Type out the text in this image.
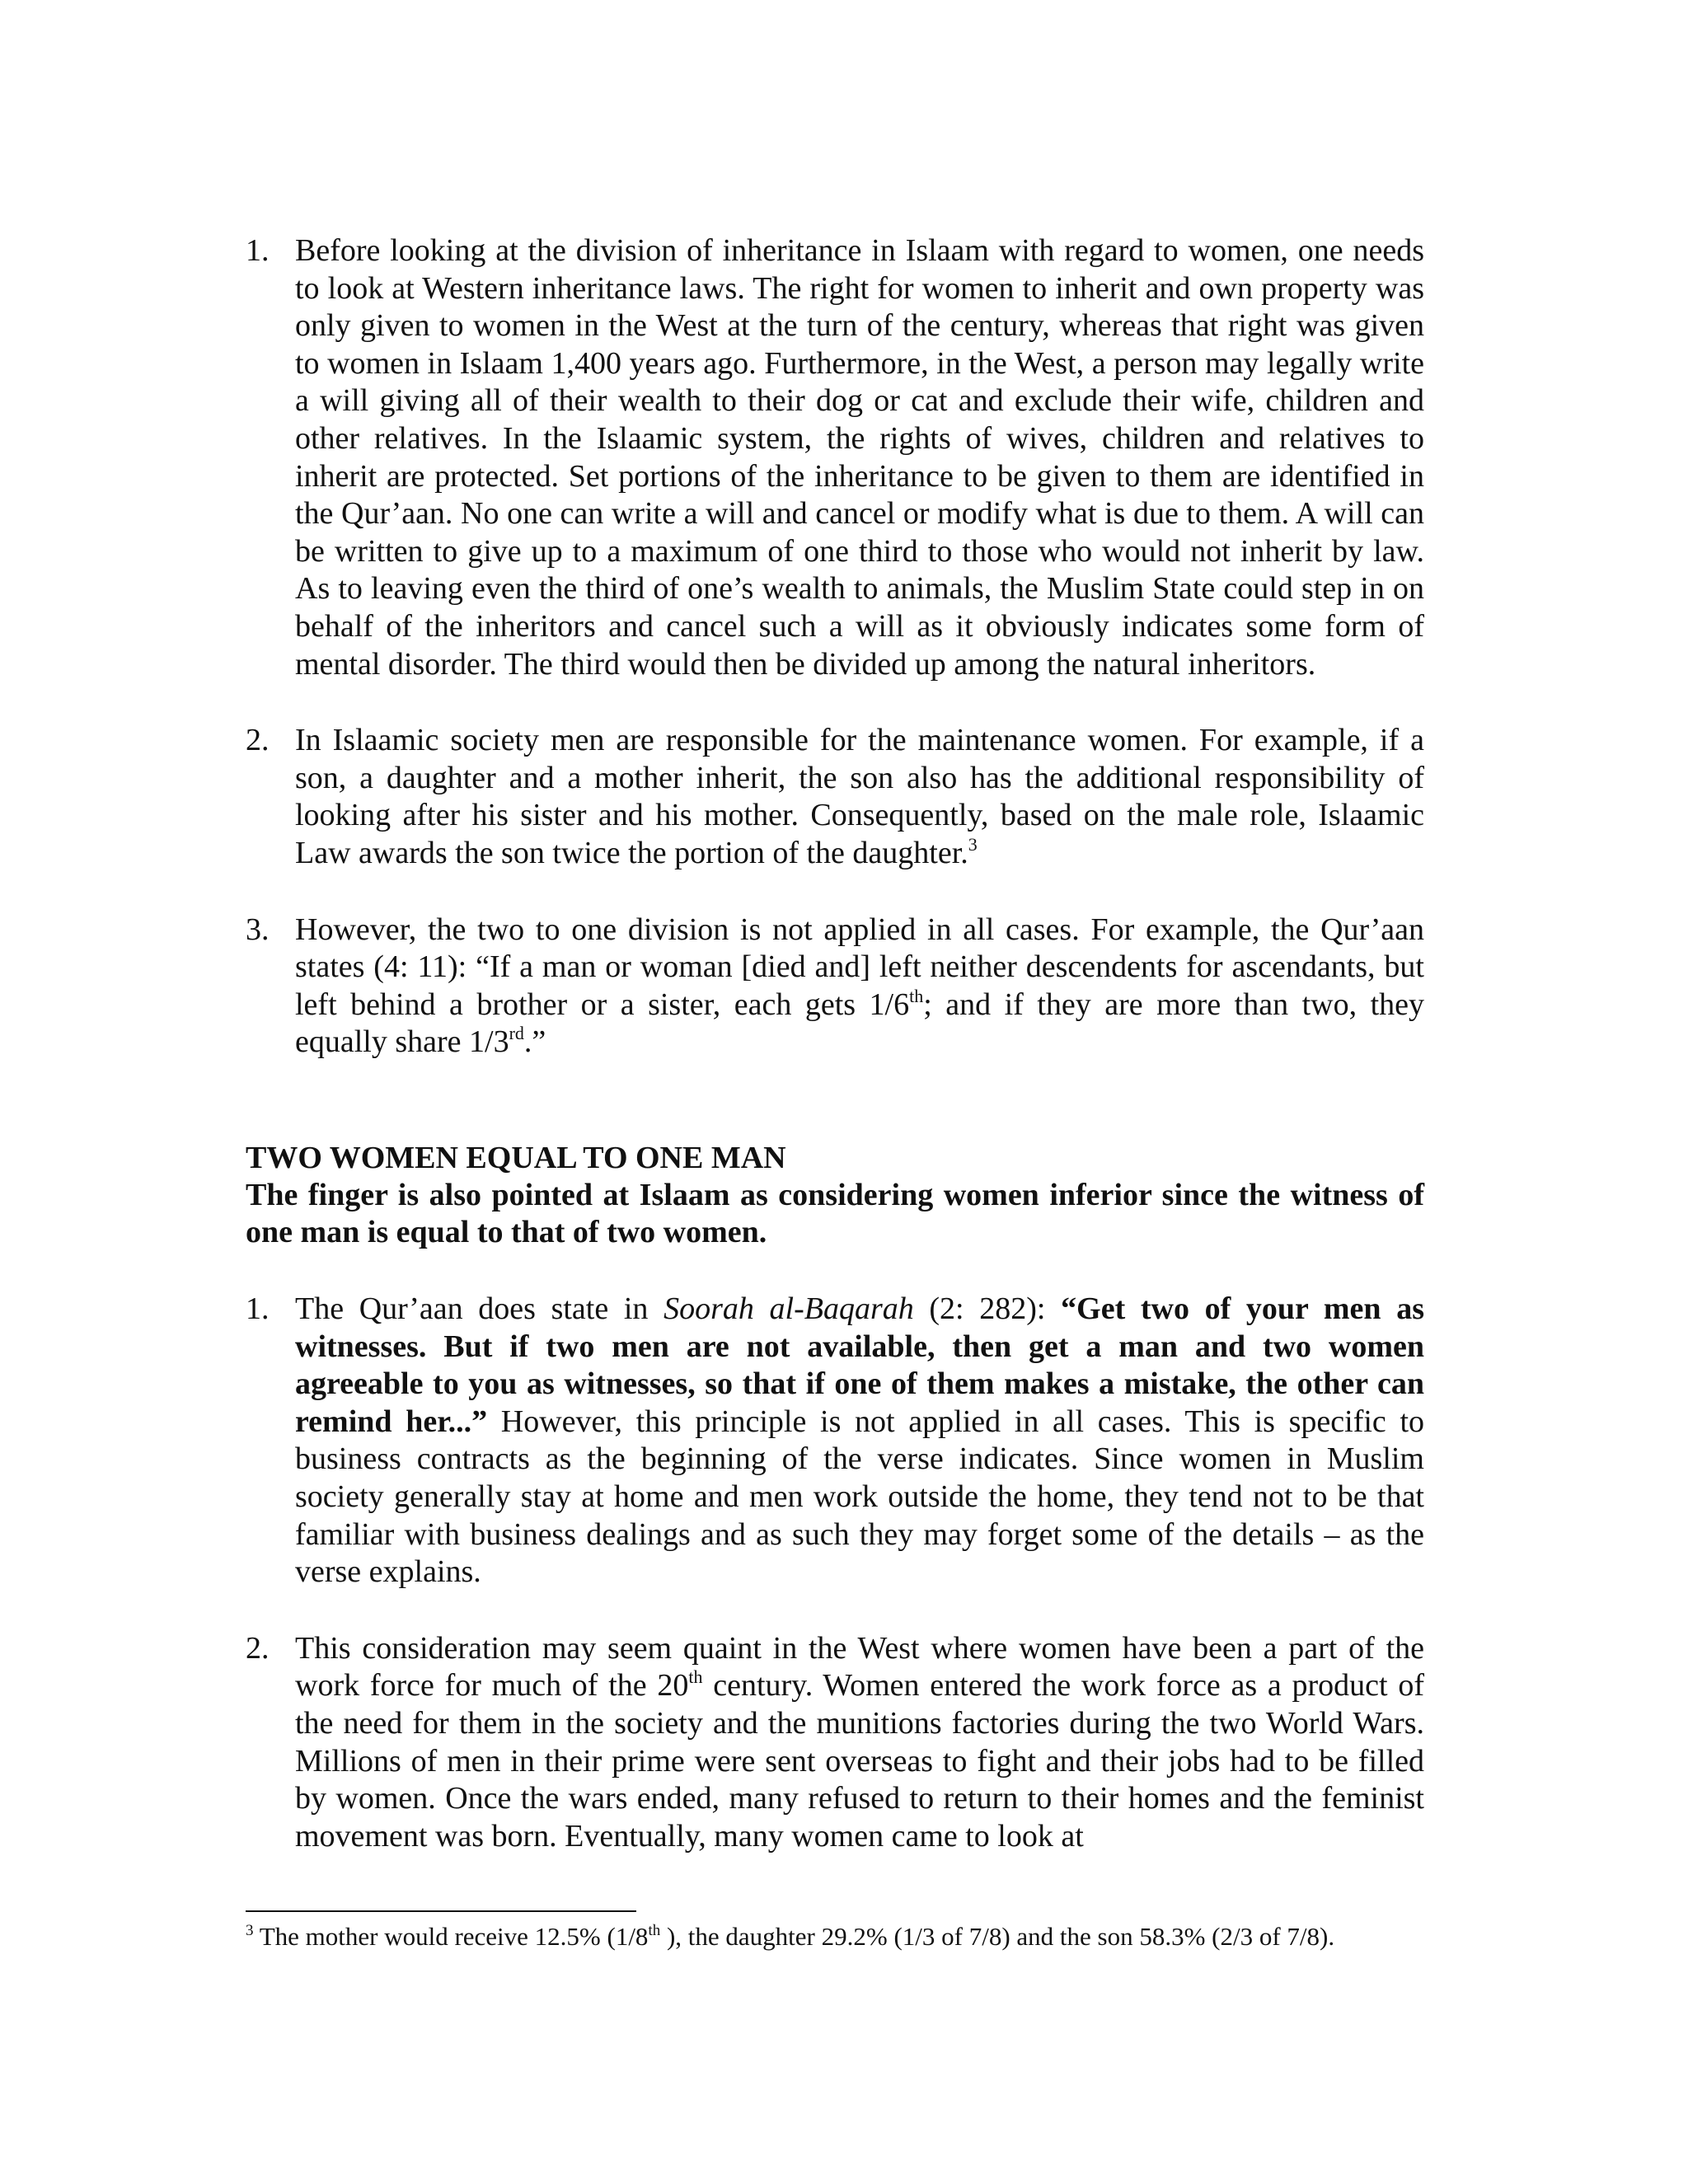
1. Before looking at the division of inheritance in Islaam with regard to women, one needs to look at Western inheritance laws. The right for women to inherit and own property was only given to women in the West at the turn of the century, whereas that right was given to women in Islaam 1,400 years ago. Furthermore, in the West, a person may legally write a will giving all of their wealth to their dog or cat and exclude their wife, children and other relatives. In the Islaamic system, the rights of wives, children and relatives to inherit are protected. Set portions of the inheritance to be given to them are identified in the Qur’aan. No one can write a will and cancel or modify what is due to them. A will can be written to give up to a maximum of one third to those who would not inherit by law. As to leaving even the third of one’s wealth to animals, the Muslim State could step in on behalf of the inheritors and cancel such a will as it obviously indicates some form of mental disorder. The third would then be divided up among the natural inheritors.

2. In Islaamic society men are responsible for the maintenance women. For example, if a son, a daughter and a mother inherit, the son also has the additional responsibility of looking after his sister and his mother. Consequently, based on the male role, Islaamic Law awards the son twice the portion of the daughter.$^3$

3. However, the two to one division is not applied in all cases. For example, the Qur’aan states (4: 11): “If a man or woman [died and] left neither descendents for ascendants, but left behind a brother or a sister, each gets 1/6th; and if they are more than two, they equally share 1/3rd.”

TWO WOMEN EQUAL TO ONE MAN

The finger is also pointed at Islaam as considering women inferior since the witness of one man is equal to that of two women.

1. The Qur’aan does state in Soorah al-Baqarah (2: 282): “Get two of your men as witnesses. But if two men are not available, then get a man and two women agreeable to you as witnesses, so that if one of them makes a mistake, the other can remind her...” However, this principle is not applied in all cases. This is specific to business contracts as the beginning of the verse indicates. Since women in Muslim society generally stay at home and men work outside the home, they tend not to be that familiar with business dealings and as such they may forget some of the details – as the verse explains.

2. This consideration may seem quaint in the West where women have been a part of the work force for much of the 20th century. Women entered the work force as a product of the need for them in the society and the munitions factories during the two World Wars. Millions of men in their prime were sent overseas to fight and their jobs had to be filled by women. Once the wars ended, many refused to return to their homes and the feminist movement was born. Eventually, many women came to look at

$^3$ The mother would receive 12.5% (1/8th ), the daughter 29.2% (1/3 of 7/8) and the son 58.3% (2/3 of 7/8).
